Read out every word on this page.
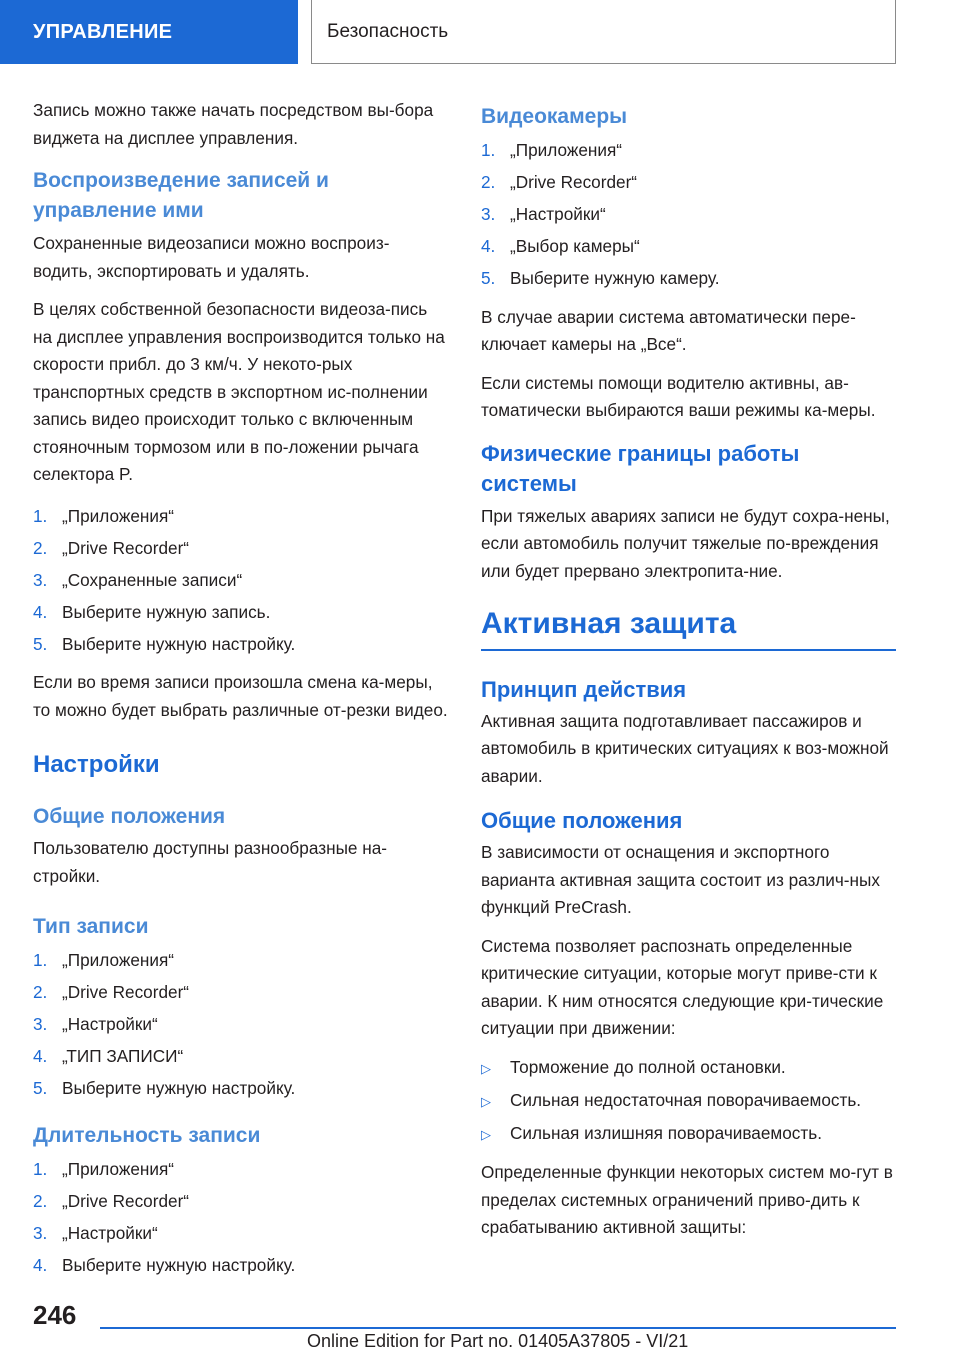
УПРАВЛЕНИЕ	Безопасность

Запись можно также начать посредством вы-бора виджета на дисплее управления.

Воспроизведение записей и управление ими

Сохраненные видеозаписи можно воспроиз-водить, экспортировать и удалять.

В целях собственной безопасности видеоза-пись на дисплее управления воспроизводится только на скорости прибл. до 3 км/ч. У некото-рых транспортных средств в экспортном ис-полнении запись видео происходит только с включенным стояночным тормозом или в по-ложении рычага селектора P.

1. „Приложения“
2. „Drive Recorder“
3. „Сохраненные записи“
4. Выберите нужную запись.
5. Выберите нужную настройку.

Если во время записи произошла смена ка-меры, то можно будет выбрать различные от-резки видео.

Настройки
Общие положения

Пользователю доступны разнообразные на-стройки.

Тип записи
1. „Приложения“
2. „Drive Recorder“
3. „Настройки“
4. „ТИП ЗАПИСИ“
5. Выберите нужную настройку.
Длительность записи
1. „Приложения“
2. „Drive Recorder“
3. „Настройки“
4. Выберите нужную настройку.
Видеокамеры
1. „Приложения“
2. „Drive Recorder“
3. „Настройки“
4. „Выбор камеры“
5. Выберите нужную камеру.

В случае аварии система автоматически пере-ключает камеры на „Все“.

Если системы помощи водителю активны, ав-томатически выбираются ваши режимы ка-меры.

Физические границы работы системы

При тяжелых авариях записи не будут сохра-нены, если автомобиль получит тяжелые по-вреждения или будет прервано электропита-ние.

Активная защита
Принцип действия

Активная защита подготавливает пассажиров и автомобиль в критических ситуациях к воз-можной аварии.

Общие положения

В зависимости от оснащения и экспортного варианта активная защита состоит из различ-ных функций PreCrash.

Система позволяет распознать определенные критические ситуации, которые могут приве-сти к аварии. К ним относятся следующие кри-тические ситуации при движении:

▷	Торможение до полной остановки.
▷	Сильная недостаточная поворачиваемость.
▷	Сильная излишняя поворачиваемость.

Определенные функции некоторых систем мо-гут в пределах системных ограничений приво-дить к срабатыванию активной защиты:

246
Online Edition for Part no. 01405A37805 - VI/21
